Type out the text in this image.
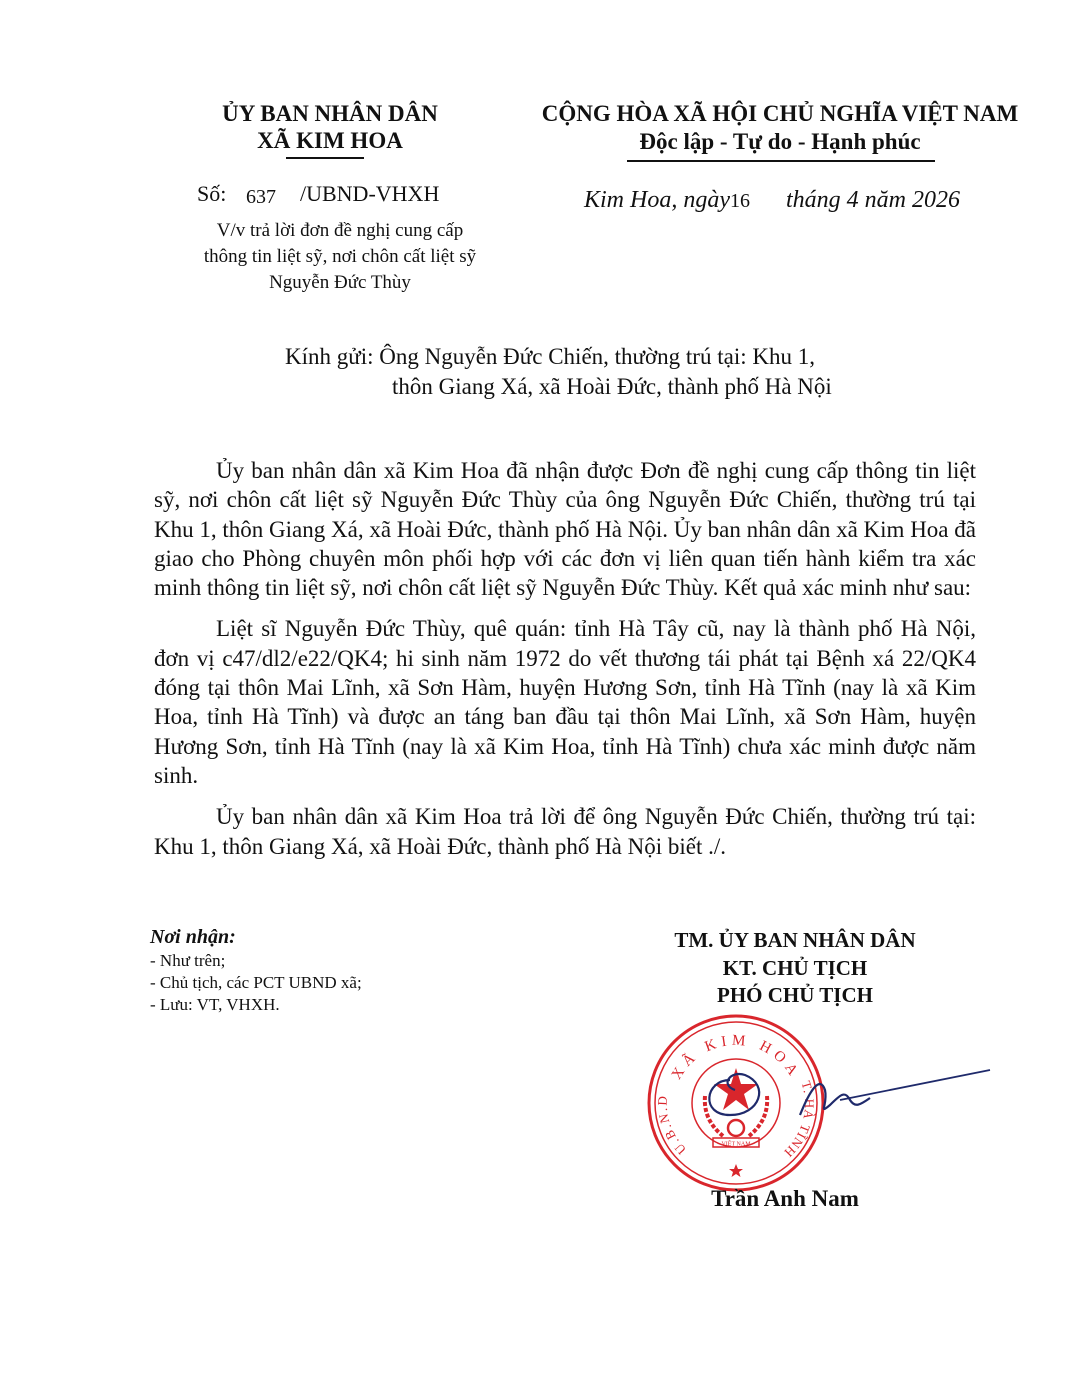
ỦY BAN NHÂN DÂN
XÃ KIM HOA
CỘNG HÒA XÃ HỘI CHỦ NGHĨA VIỆT NAM
Độc lập - Tự do - Hạnh phúc
Số: 637 /UBND-VHXH	Kim Hoa, ngày16 tháng 4 năm 2026
V/v trả lời đơn đề nghị cung cấp
thông tin liệt sỹ, nơi chôn cất liệt sỹ
Nguyễn Đức Thùy
Kính gửi: Ông Nguyễn Đức Chiến, thường trú tại: Khu 1,
thôn Giang Xá, xã Hoài Đức, thành phố Hà Nội

Ủy ban nhân dân xã Kim Hoa đã nhận được Đơn đề nghị cung cấp thông tin liệt sỹ, nơi chôn cất liệt sỹ Nguyễn Đức Thùy của ông Nguyễn Đức Chiến, thường trú tại Khu 1, thôn Giang Xá, xã Hoài Đức, thành phố Hà Nội. Ủy ban nhân dân xã Kim Hoa đã giao cho Phòng chuyên môn phối hợp với các đơn vị liên quan tiến hành kiểm tra xác minh thông tin liệt sỹ, nơi chôn cất liệt sỹ Nguyễn Đức Thùy. Kết quả xác minh như sau:

Liệt sĩ Nguyễn Đức Thùy, quê quán: tỉnh Hà Tây cũ, nay là thành phố Hà Nội, đơn vị c47/dl2/e22/QK4; hi sinh năm 1972 do vết thương tái phát tại Bệnh xá 22/QK4 đóng tại thôn Mai Lĩnh, xã Sơn Hàm, huyện Hương Sơn, tỉnh Hà Tĩnh (nay là xã Kim Hoa, tỉnh Hà Tĩnh) và được an táng ban đầu tại thôn Mai Lĩnh, xã Sơn Hàm, huyện Hương Sơn, tỉnh Hà Tĩnh (nay là xã Kim Hoa, tỉnh Hà Tĩnh) chưa xác minh được năm sinh.

Ủy ban nhân dân xã Kim Hoa trả lời để ông Nguyễn Đức Chiến, thường trú tại: Khu 1, thôn Giang Xá, xã Hoài Đức, thành phố Hà Nội biết ./.

Nơi nhận:
- Như trên;
- Chủ tịch, các PCT UBND xã;
- Lưu: VT, VHXH.
TM. ỦY BAN NHÂN DÂN
KT. CHỦ TỊCH
PHÓ CHỦ TỊCH
XÃ KIM HOA
U.B.N.D
T. HÀ TĨNH
VIỆT NAM
Trần Anh Nam
